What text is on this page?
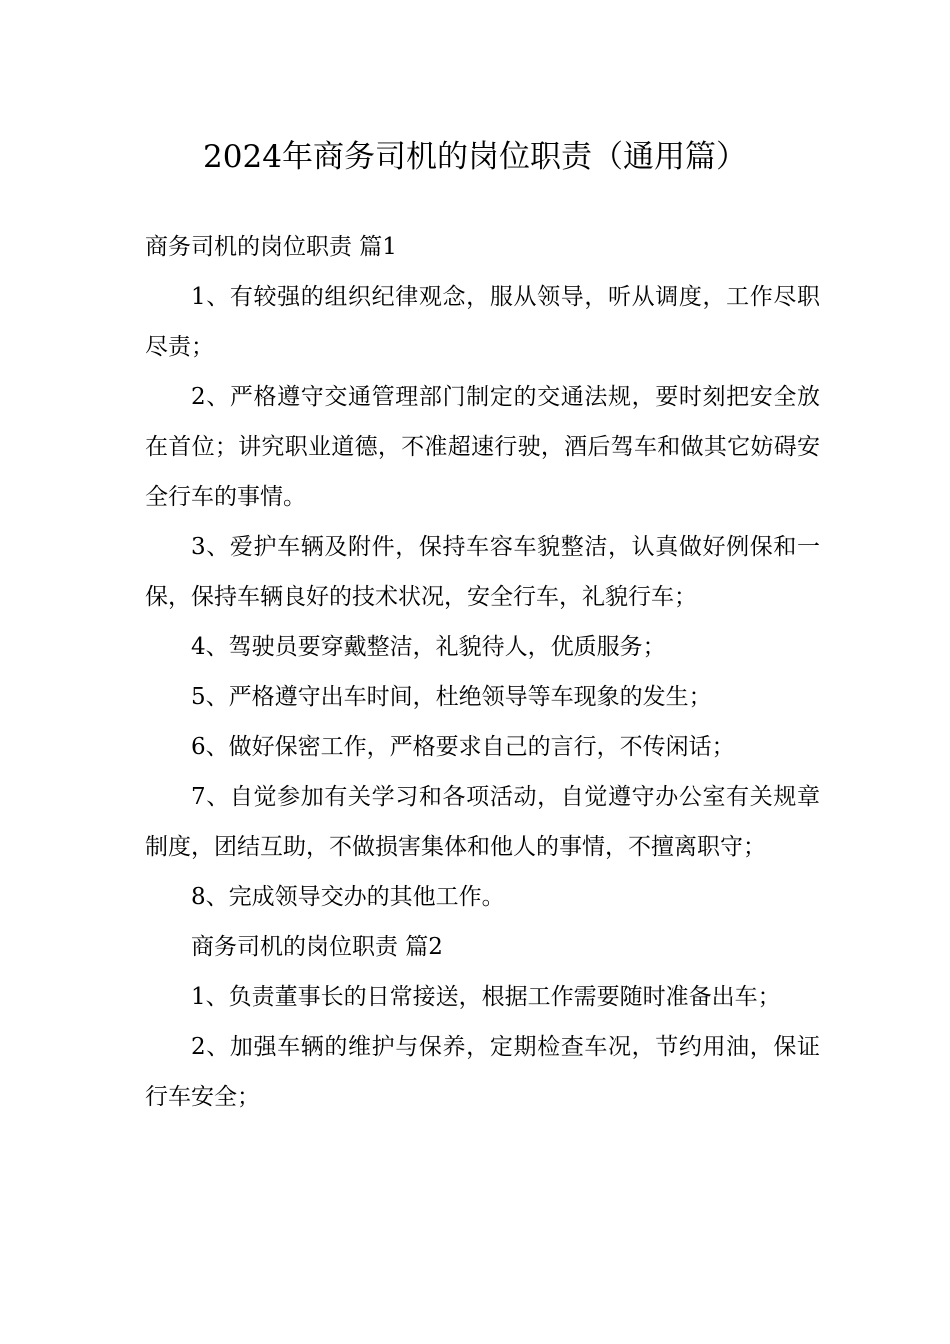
2024年商务司机的岗位职责（通用篇）

商务司机的岗位职责 篇1

1、有较强的组织纪律观念，服从领导，听从调度，工作尽职尽责；

2、严格遵守交通管理部门制定的交通法规，要时刻把安全放在首位；讲究职业道德，不准超速行驶，酒后驾车和做其它妨碍安全行车的事情。

3、爱护车辆及附件，保持车容车貌整洁，认真做好例保和一保，保持车辆良好的技术状况，安全行车，礼貌行车；

4、驾驶员要穿戴整洁，礼貌待人，优质服务；

5、严格遵守出车时间，杜绝领导等车现象的发生；

6、做好保密工作，严格要求自己的言行，不传闲话；

7、自觉参加有关学习和各项活动，自觉遵守办公室有关规章制度，团结互助，不做损害集体和他人的事情，不擅离职守；

8、完成领导交办的其他工作。

商务司机的岗位职责 篇2

1、负责董事长的日常接送，根据工作需要随时准备出车；

2、加强车辆的维护与保养，定期检查车况，节约用油，保证行车安全；
